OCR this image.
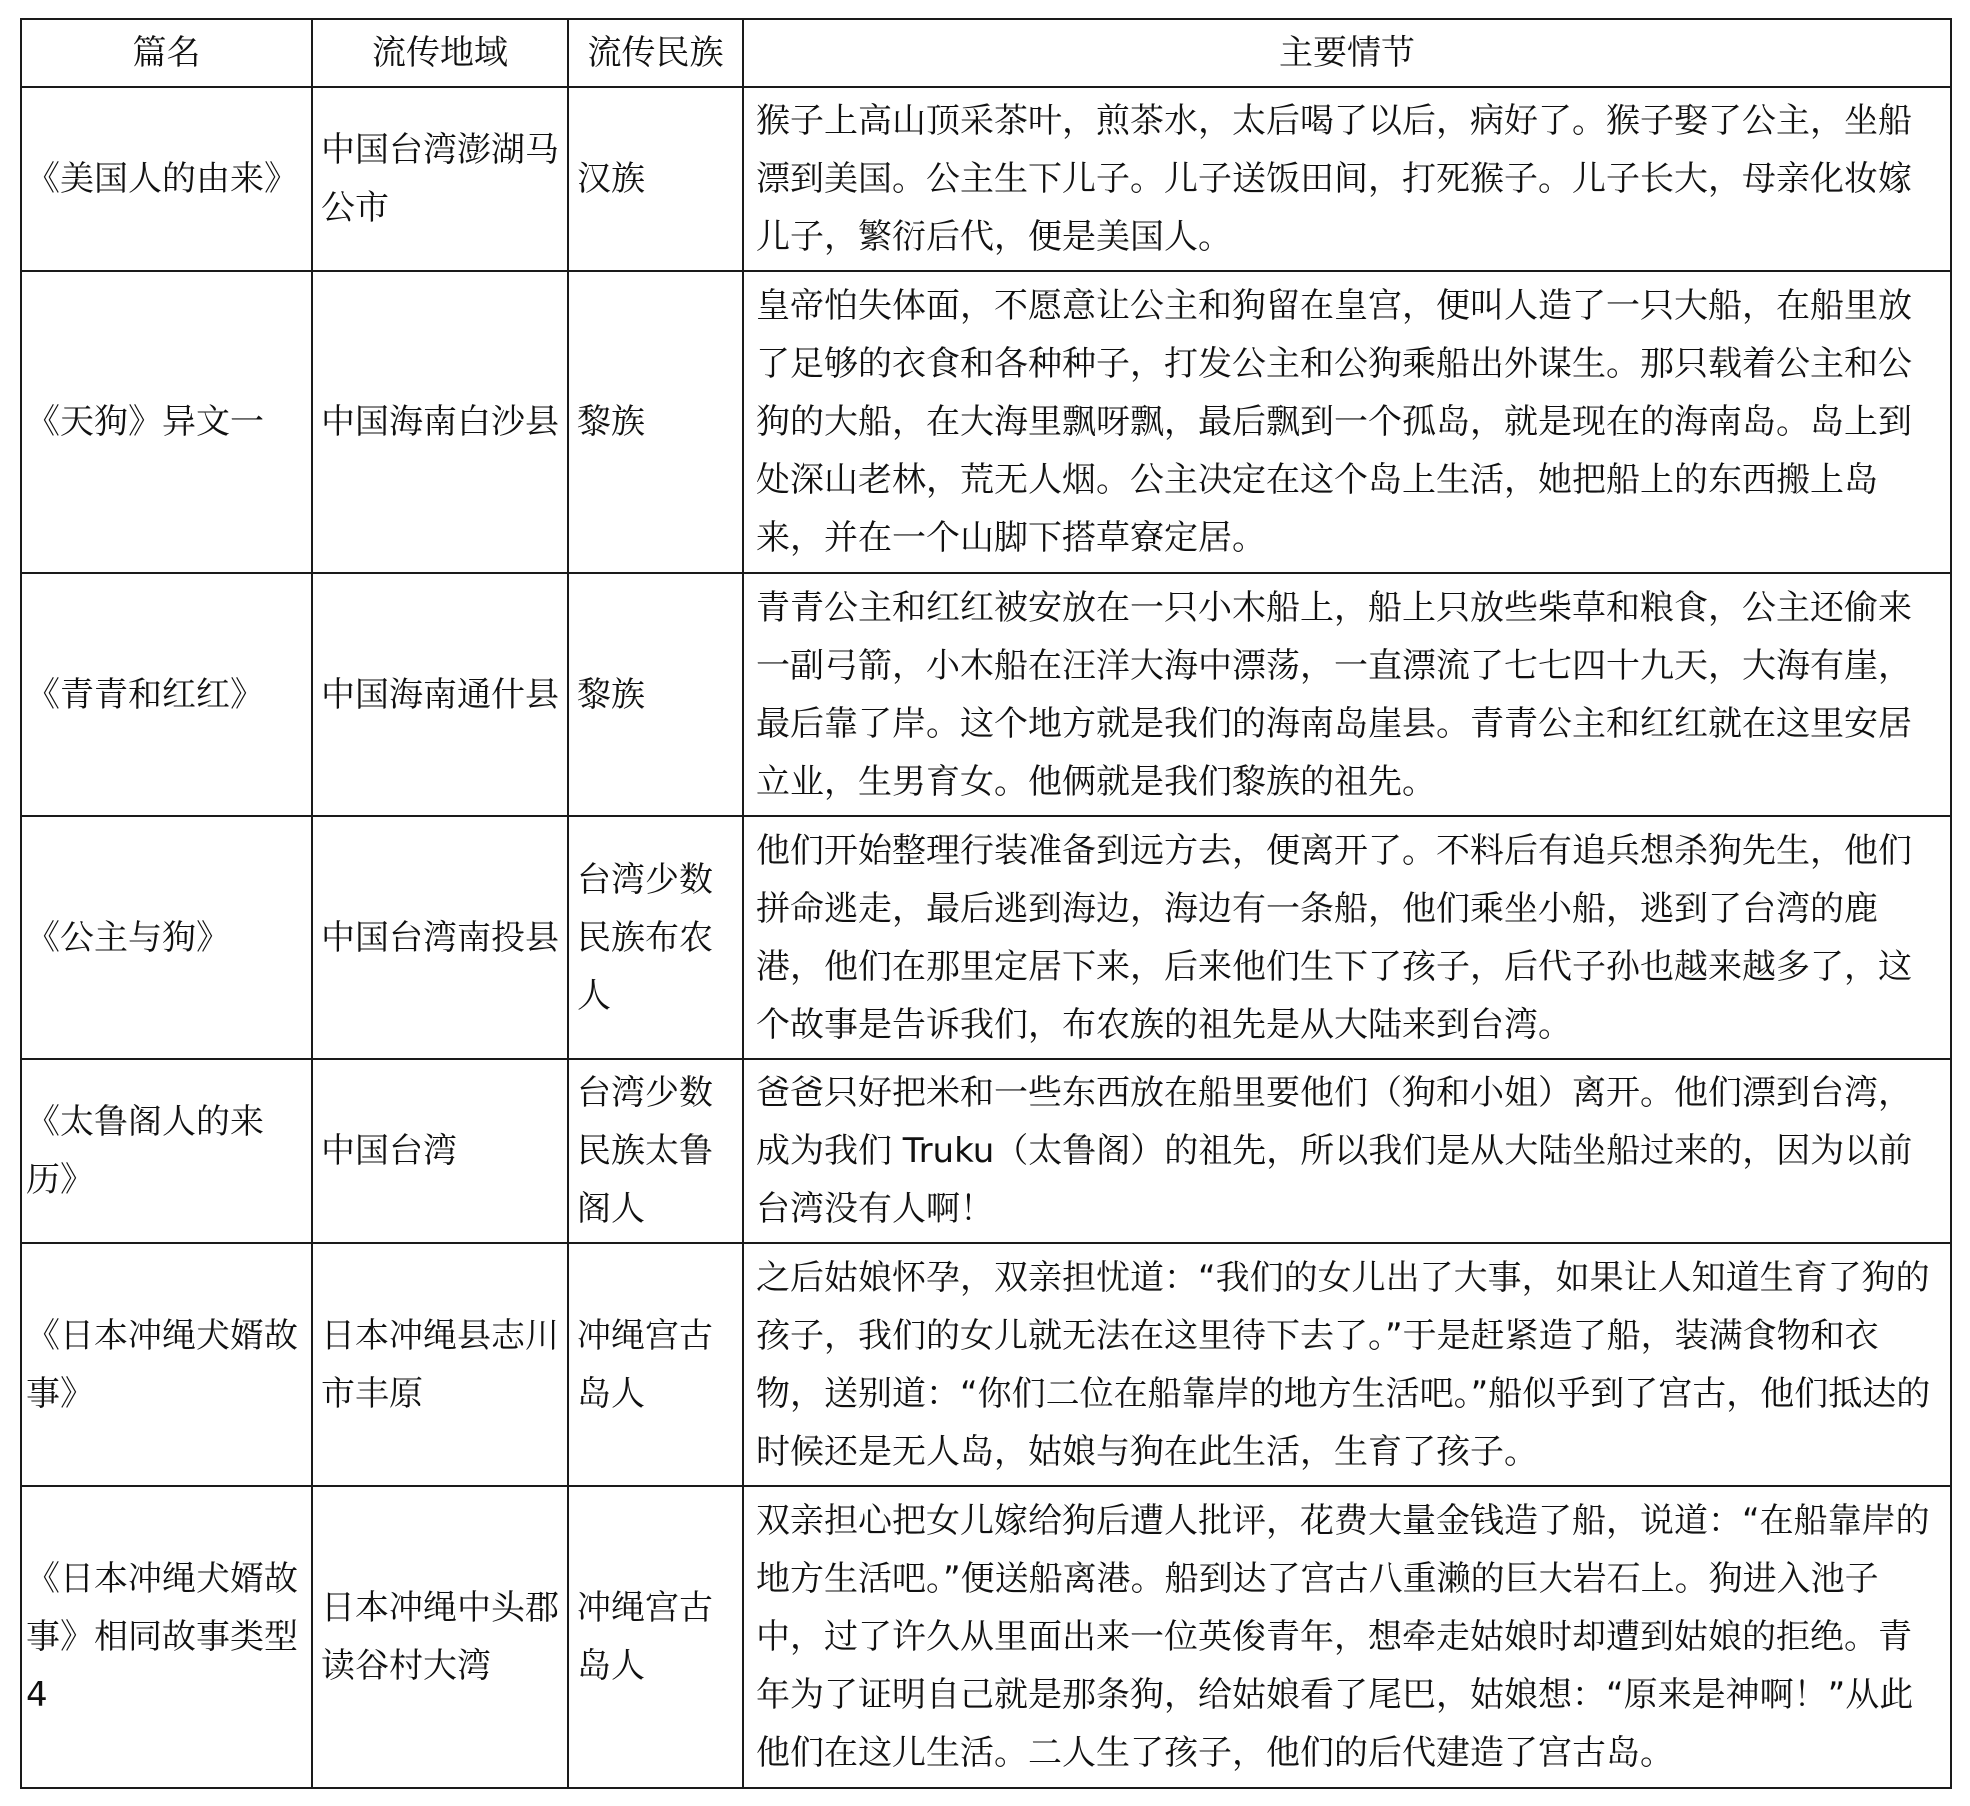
篇名	流传地域	流传民族	主要情节
《美国人的由来》	中国台湾澎湖马公市	汉族	猴子上高山顶采茶叶，煎茶水，太后喝了以后，病好了。猴子娶了公主，坐船漂到美国。公主生下儿子。儿子送饭田间，打死猴子。儿子长大，母亲化妆嫁儿子，繁衍后代，便是美国人。
《天狗》异文一	中国海南白沙县	黎族	皇帝怕失体面，不愿意让公主和狗留在皇宫，便叫人造了一只大船，在船里放了足够的衣食和各种种子，打发公主和公狗乘船出外谋生。那只载着公主和公狗的大船，在大海里飘呀飘，最后飘到一个孤岛，就是现在的海南岛。岛上到处深山老林，荒无人烟。公主决定在这个岛上生活，她把船上的东西搬上岛来，并在一个山脚下搭草寮定居。
《青青和红红》	中国海南通什县	黎族	青青公主和红红被安放在一只小木船上，船上只放些柴草和粮食，公主还偷来一副弓箭，小木船在汪洋大海中漂荡，一直漂流了七七四十九天，大海有崖，最后靠了岸。这个地方就是我们的海南岛崖县。青青公主和红红就在这里安居立业，生男育女。他俩就是我们黎族的祖先。
《公主与狗》	中国台湾南投县	台湾少数民族布农人	他们开始整理行装准备到远方去，便离开了。不料后有追兵想杀狗先生，他们拼命逃走，最后逃到海边，海边有一条船，他们乘坐小船，逃到了台湾的鹿港，他们在那里定居下来，后来他们生下了孩子，后代子孙也越来越多了，这个故事是告诉我们，布农族的祖先是从大陆来到台湾。
《太鲁阁人的来历》	中国台湾	台湾少数民族太鲁阁人	爸爸只好把米和一些东西放在船里要他们（狗和小姐）离开。他们漂到台湾，成为我们 Truku（太鲁阁）的祖先，所以我们是从大陆坐船过来的，因为以前台湾没有人啊！
《日本冲绳犬婿故事》	日本冲绳县志川市丰原	冲绳宫古岛人	之后姑娘怀孕，双亲担忧道：“我们的女儿出了大事，如果让人知道生育了狗的孩子，我们的女儿就无法在这里待下去了。”于是赶紧造了船，装满食物和衣物，送别道：“你们二位在船靠岸的地方生活吧。”船似乎到了宫古，他们抵达的时候还是无人岛，姑娘与狗在此生活，生育了孩子。
《日本冲绳犬婿故事》相同故事类型 4	日本冲绳中头郡读谷村大湾	冲绳宫古岛人	双亲担心把女儿嫁给狗后遭人批评，花费大量金钱造了船，说道：“在船靠岸的地方生活吧。”便送船离港。船到达了宫古八重濑的巨大岩石上。狗进入池子中，过了许久从里面出来一位英俊青年，想牵走姑娘时却遭到姑娘的拒绝。青年为了证明自己就是那条狗，给姑娘看了尾巴，姑娘想：“原来是神啊！”从此他们在这儿生活。二人生了孩子，他们的后代建造了宫古岛。
